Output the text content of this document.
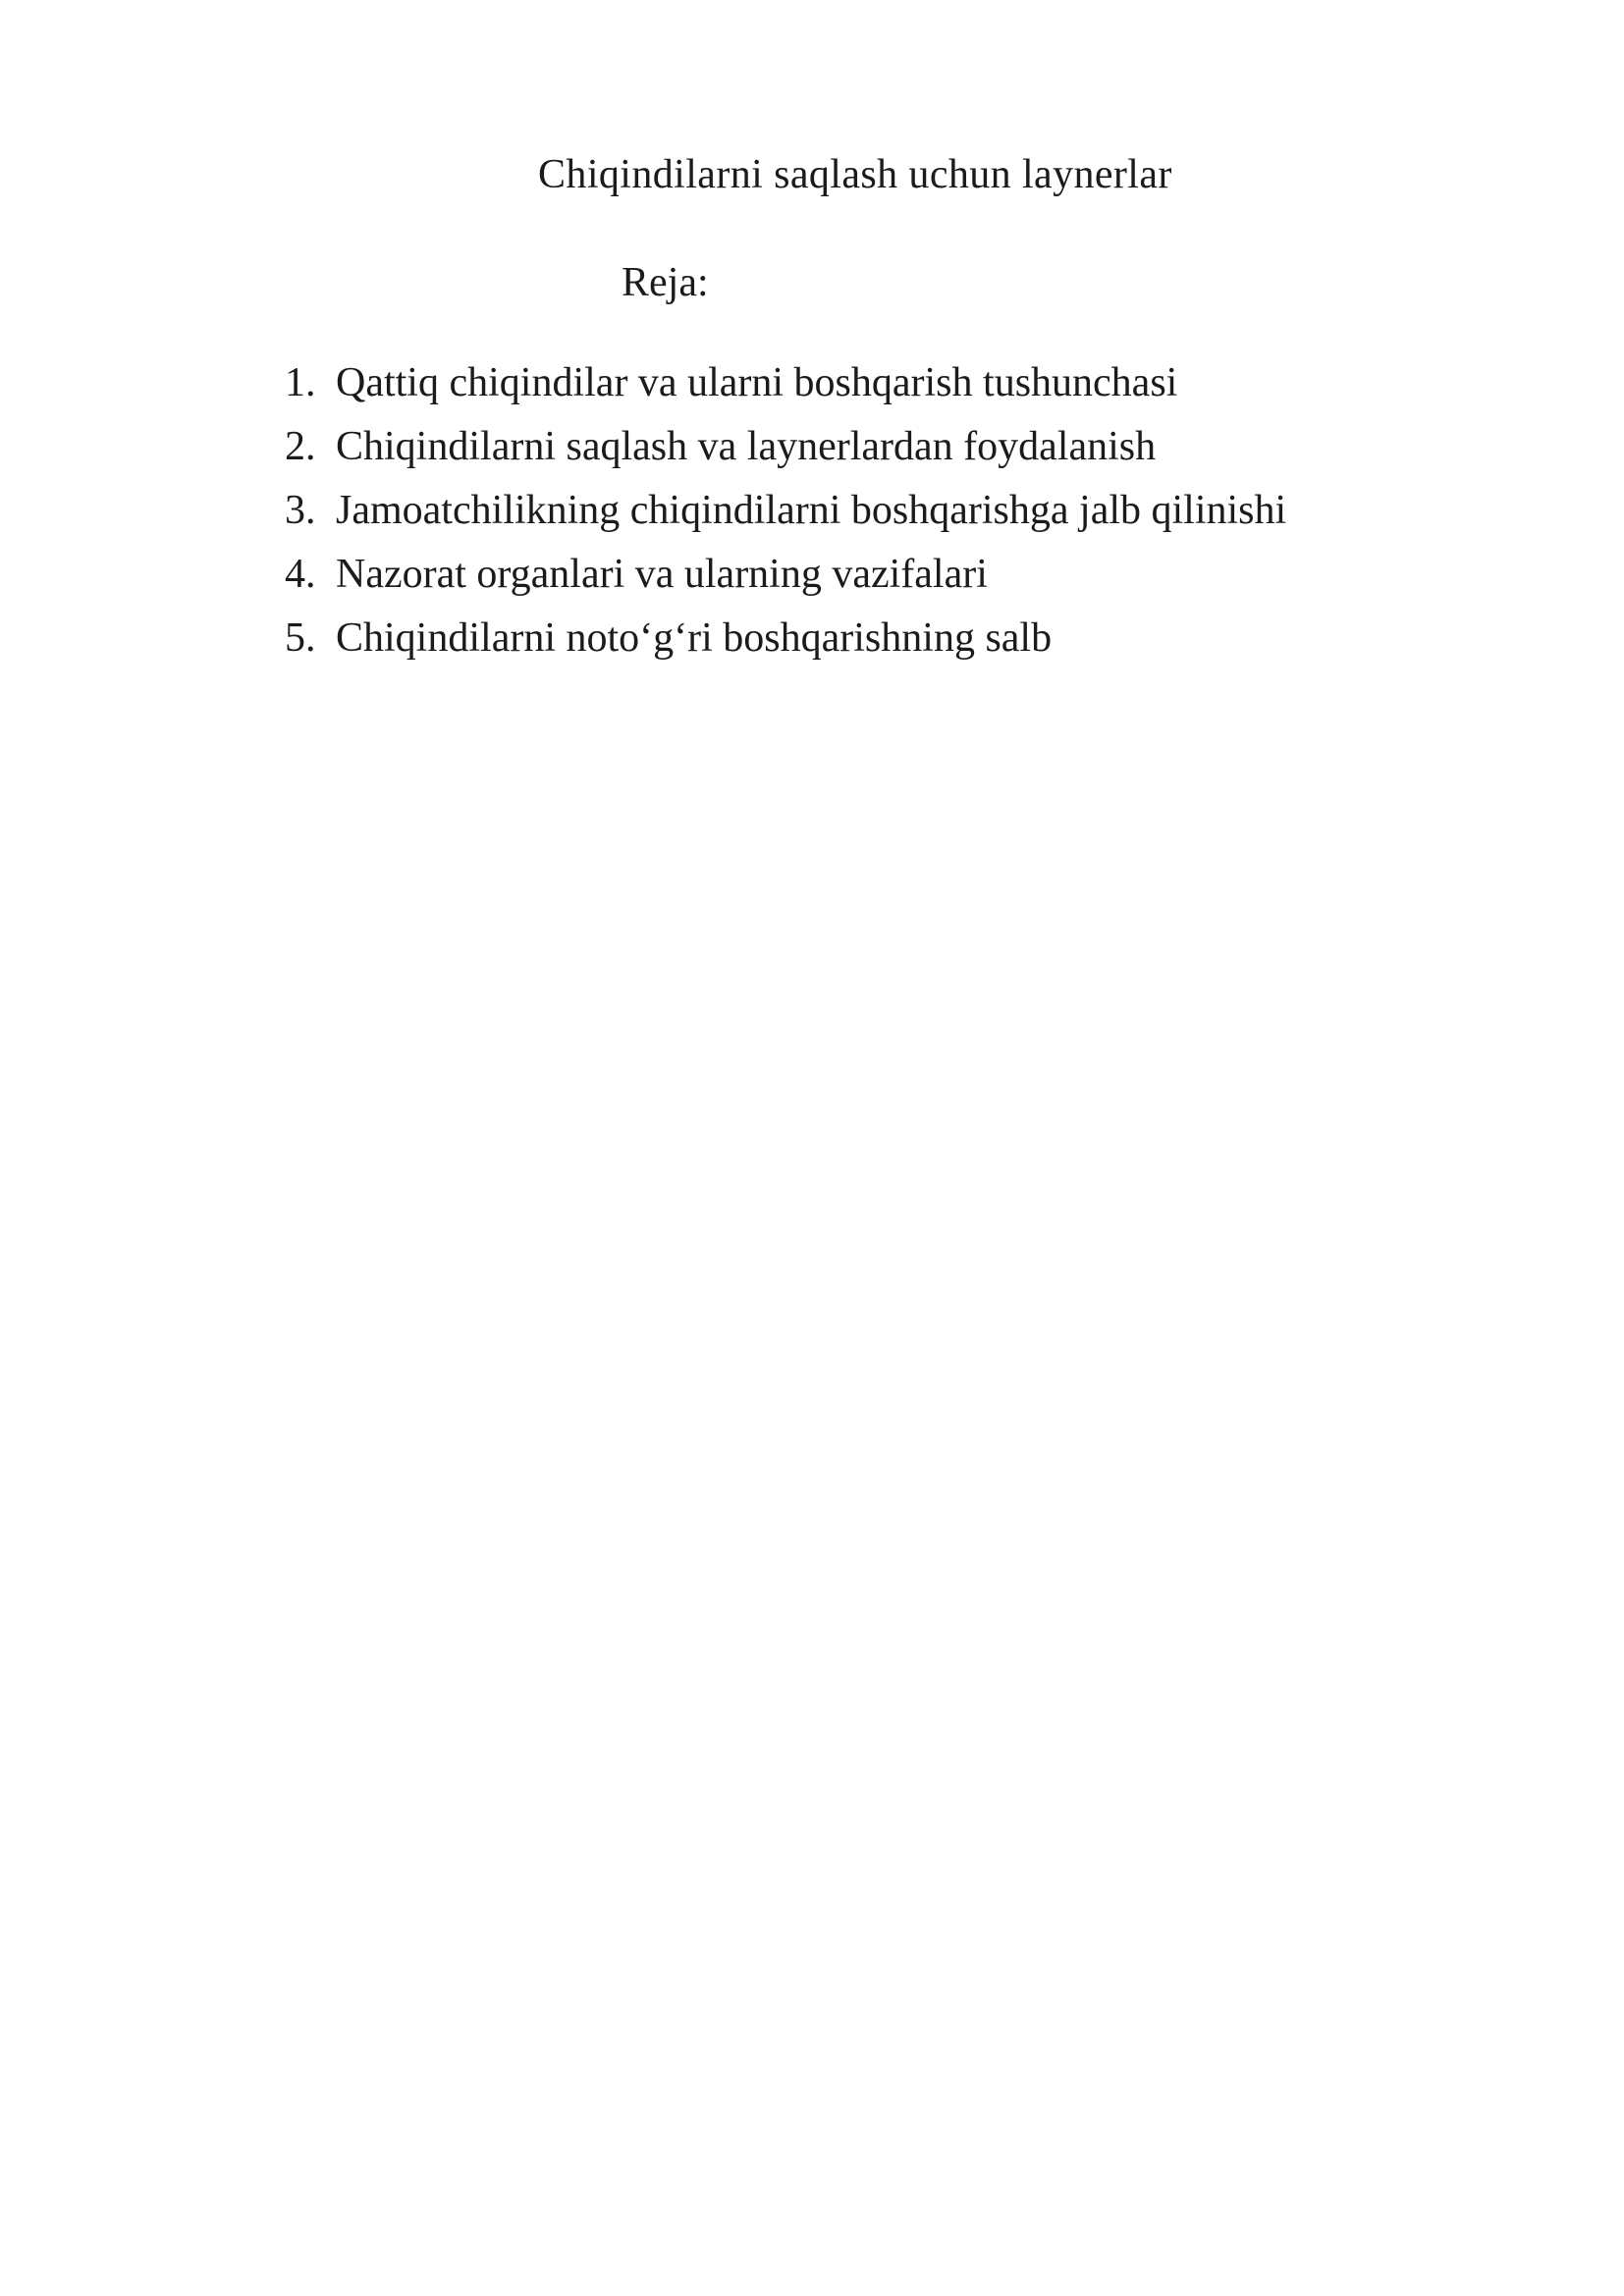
Chiqindilarni saqlash uchun laynerlar
Reja:
1. Qattiq chiqindilar va ularni boshqarish tushunchasi
2. Chiqindilarni saqlash va laynerlardan foydalanish
3. Jamoatchilikning chiqindilarni boshqarishga jalb qilinishi
4. Nazorat organlari va ularning vazifalari
5. Chiqindilarni noto‘g‘ri boshqarishning salb
